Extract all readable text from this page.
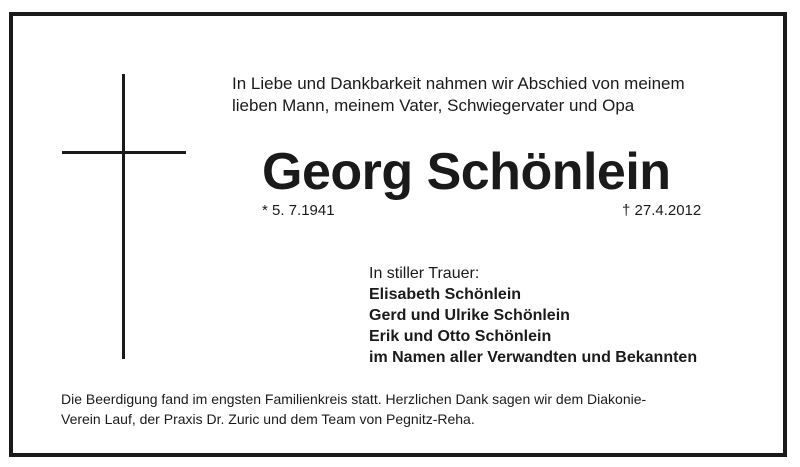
In Liebe und Dankbarkeit nahmen wir Abschied von meinem
lieben Mann, meinem Vater, Schwiegervater und Opa

Georg Schönlein
* 5. 7.1941	† 27.4.2012

In stiller Trauer:
Elisabeth Schönlein
Gerd und Ulrike Schönlein
Erik und Otto Schönlein
im Namen aller Verwandten und Bekannten

Die Beerdigung fand im engsten Familienkreis statt. Herzlichen Dank sagen wir dem Diakonie-
Verein Lauf, der Praxis Dr. Zuric und dem Team von Pegnitz-Reha.
